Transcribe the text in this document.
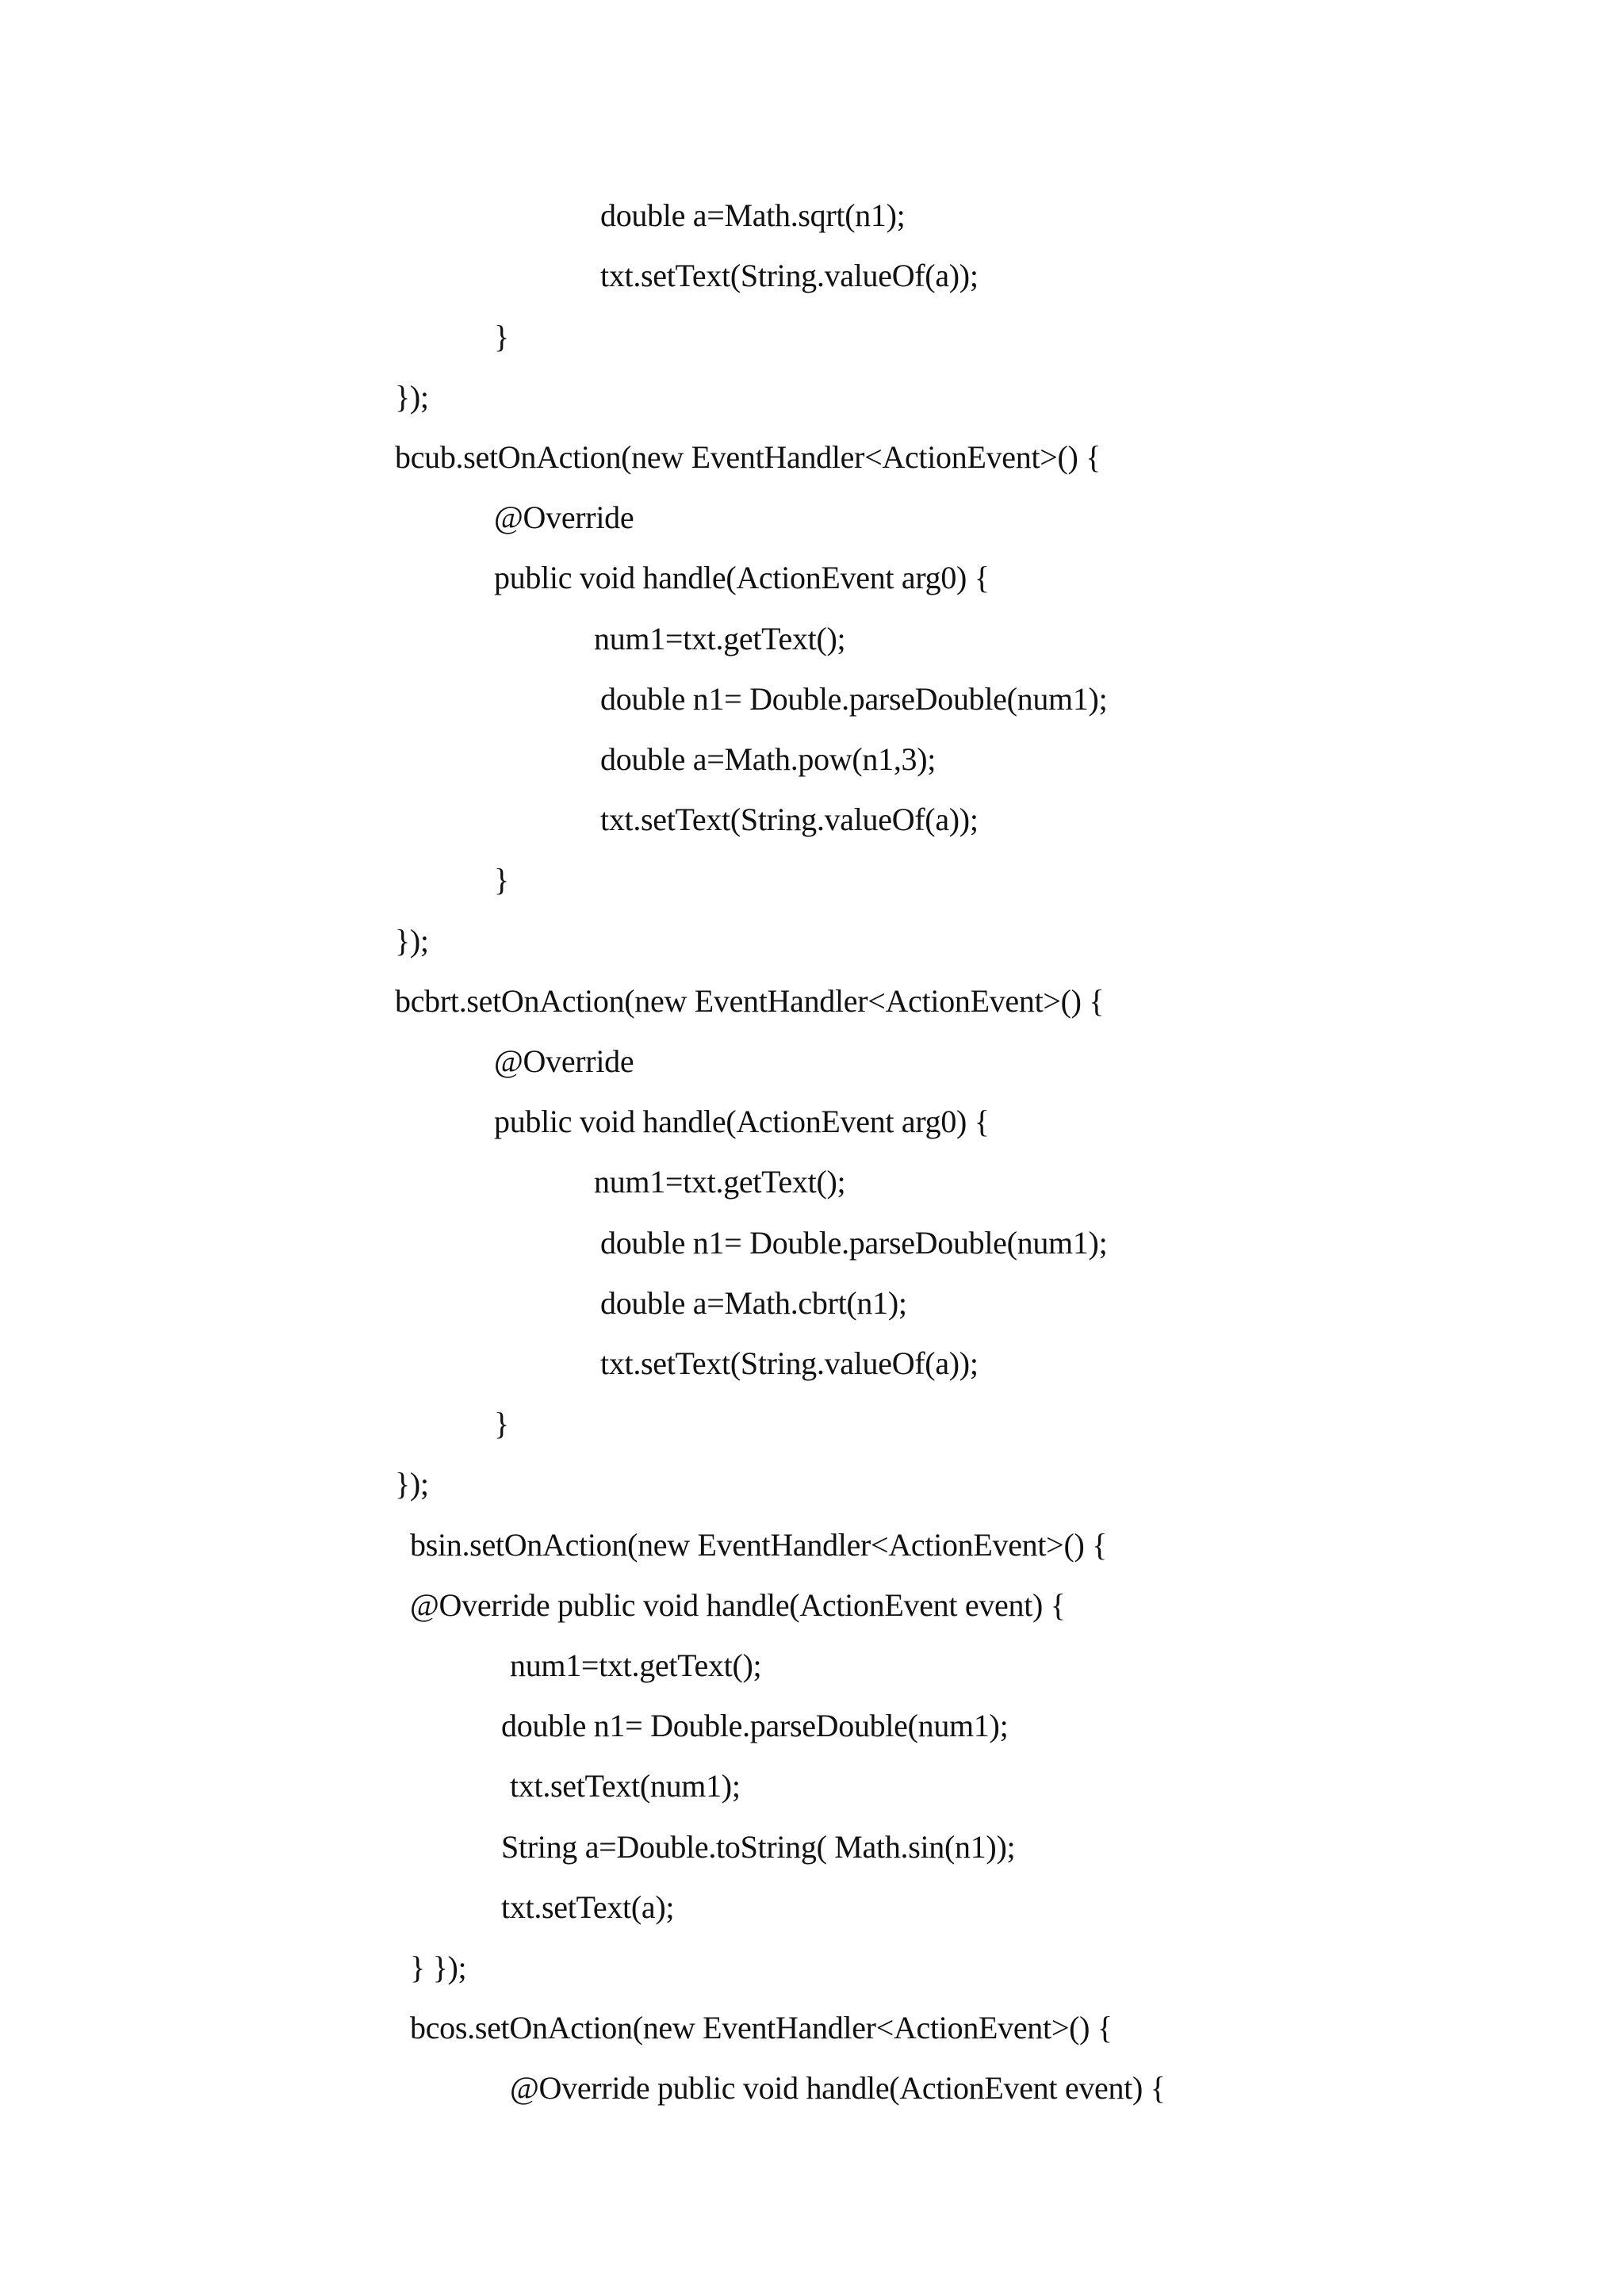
double a=Math.sqrt(n1);

txt.setText(String.valueOf(a));

}

});

bcub.setOnAction(new EventHandler<ActionEvent>() {

@Override

public void handle(ActionEvent arg0) {

num1=txt.getText();

double n1= Double.parseDouble(num1);

double a=Math.pow(n1,3);

txt.setText(String.valueOf(a));

}

});

bcbrt.setOnAction(new EventHandler<ActionEvent>() {

@Override

public void handle(ActionEvent arg0) {

num1=txt.getText();

double n1= Double.parseDouble(num1);

double a=Math.cbrt(n1);

txt.setText(String.valueOf(a));

}

});

bsin.setOnAction(new EventHandler<ActionEvent>() {

@Override public void handle(ActionEvent event) {

num1=txt.getText();

double n1= Double.parseDouble(num1);

txt.setText(num1);

String a=Double.toString( Math.sin(n1));

txt.setText(a);

} });

bcos.setOnAction(new EventHandler<ActionEvent>() {

@Override public void handle(ActionEvent event) {
